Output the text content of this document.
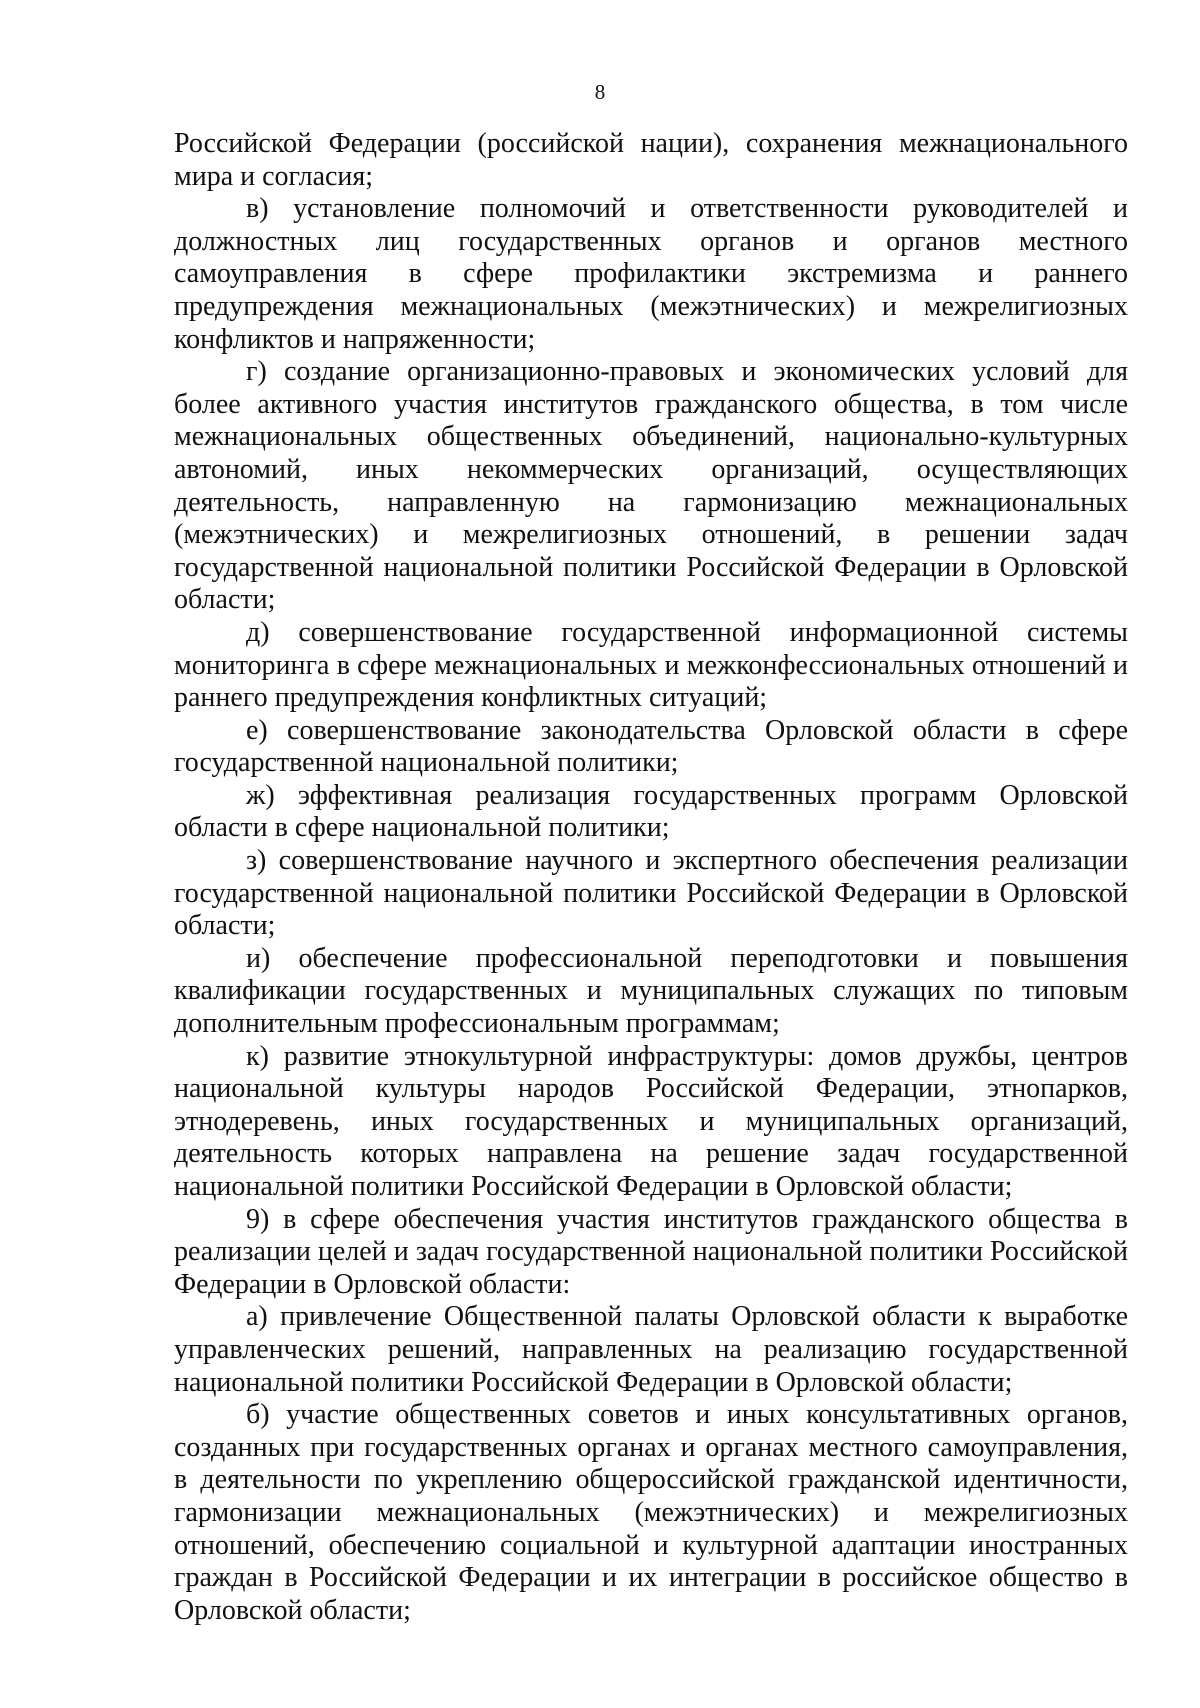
8

Российской Федерации (российской нации), сохранения межнационального мира и согласия;

в) установление полномочий и ответственности руководителей и должностных лиц государственных органов и органов местного самоуправления в сфере профилактики экстремизма и раннего предупреждения межнациональных (межэтнических) и межрелигиозных конфликтов и напряженности;

г) создание организационно-правовых и экономических условий для более активного участия институтов гражданского общества, в том числе межнациональных общественных объединений, национально-культурных автономий, иных некоммерческих организаций, осуществляющих деятельность, направленную на гармонизацию межнациональных (межэтнических) и межрелигиозных отношений, в решении задач государственной национальной политики Российской Федерации в Орловской области;

д) совершенствование государственной информационной системы мониторинга в сфере межнациональных и межконфессиональных отношений и раннего предупреждения конфликтных ситуаций;

е) совершенствование законодательства Орловской области в сфере государственной национальной политики;

ж) эффективная реализация государственных программ Орловской области в сфере национальной политики;

з) совершенствование научного и экспертного обеспечения реализации государственной национальной политики Российской Федерации в Орловской области;

и) обеспечение профессиональной переподготовки и повышения квалификации государственных и муниципальных служащих по типовым дополнительным профессиональным программам;

к) развитие этнокультурной инфраструктуры: домов дружбы, центров национальной культуры народов Российской Федерации, этнопарков, этнодеревень, иных государственных и муниципальных организаций, деятельность которых направлена на решение задач государственной национальной политики Российской Федерации в Орловской области;

9) в сфере обеспечения участия институтов гражданского общества в реализации целей и задач государственной национальной политики Российской Федерации в Орловской области:

а) привлечение Общественной палаты Орловской области к выработке управленческих решений, направленных на реализацию государственной национальной политики Российской Федерации в Орловской области;

б) участие общественных советов и иных консультативных органов, созданных при государственных органах и органах местного самоуправления, в деятельности по укреплению общероссийской гражданской идентичности, гармонизации межнациональных (межэтнических) и межрелигиозных отношений, обеспечению социальной и культурной адаптации иностранных граждан в Российской Федерации и их интеграции в российское общество в Орловской области;
